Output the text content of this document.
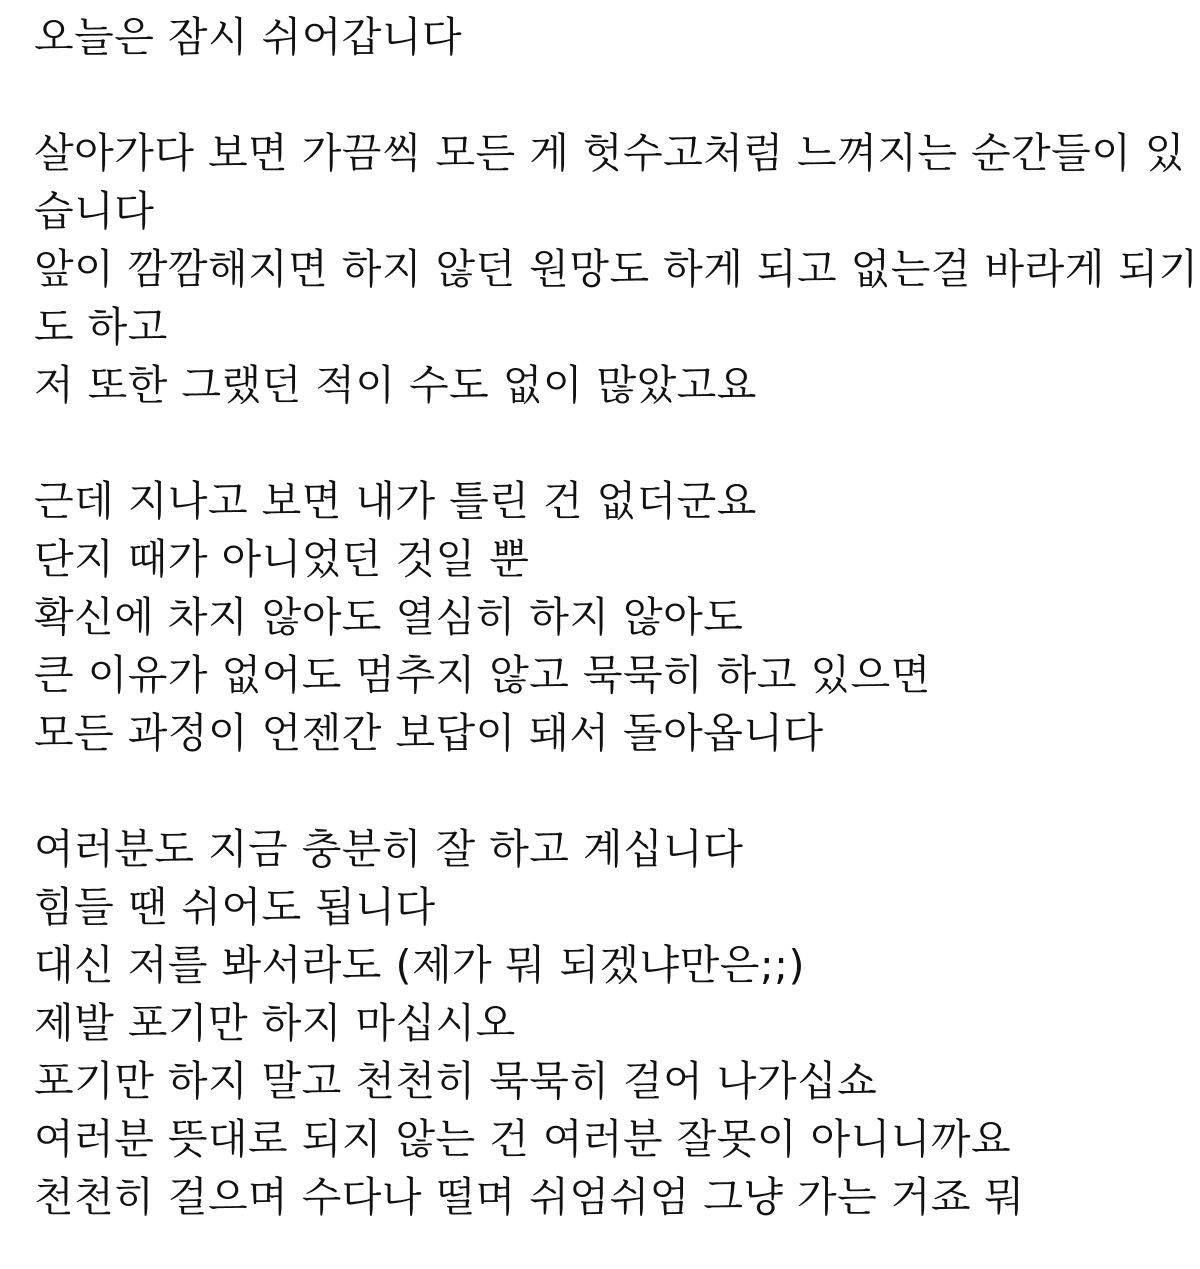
오늘은 잠시 쉬어갑니다
살아가다 보면 가끔씩 모든 게 헛수고처럼 느껴지는 순간들이 있
습니다
앞이 깜깜해지면 하지 않던 원망도 하게 되고 없는걸 바라게 되기
도 하고
저 또한 그랬던 적이 수도 없이 많았고요
근데 지나고 보면 내가 틀린 건 없더군요
단지 때가 아니었던 것일 뿐
확신에 차지 않아도 열심히 하지 않아도
큰 이유가 없어도 멈추지 않고 묵묵히 하고 있으면
모든 과정이 언젠간 보답이 돼서 돌아옵니다
여러분도 지금 충분히 잘 하고 계십니다
힘들 땐 쉬어도 됩니다
대신 저를 봐서라도 (제가 뭐 되겠냐만은;;)
제발 포기만 하지 마십시오
포기만 하지 말고 천천히 묵묵히 걸어 나가십쇼
여러분 뜻대로 되지 않는 건 여러분 잘못이 아니니까요
천천히 걸으며 수다나 떨며 쉬엄쉬엄 그냥 가는 거죠 뭐
